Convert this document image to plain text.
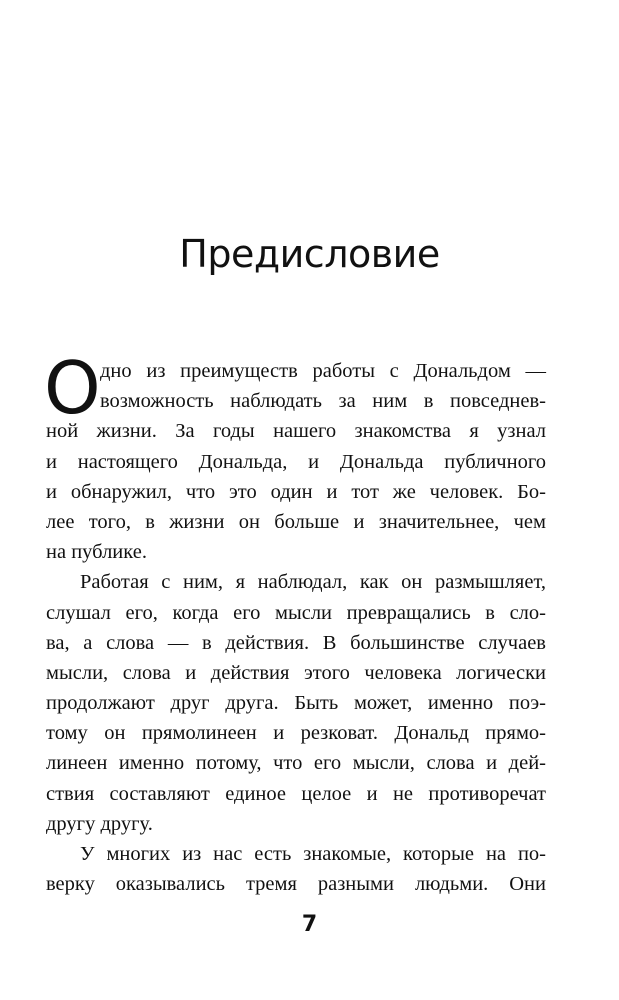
Предисловие
О дно из преимуществ работы с Дональдом —
возможность наблюдать за ним в повседнев-
ной жизни. За годы нашего знакомства я узнал
и настоящего Дональда, и Дональда публичного
и обнаружил, что это один и тот же человек. Бо-
лее того, в жизни он больше и значительнее, чем
на публике.
Работая с ним, я наблюдал, как он размышляет,
слушал его, когда его мысли превращались в сло-
ва, а слова — в действия. В большинстве случаев
мысли, слова и действия этого человека логически
продолжают друг друга. Быть может, именно поэ-
тому он прямолинеен и резковат. Дональд прямо-
линеен именно потому, что его мысли, слова и дей-
ствия составляют единое целое и не противоречат
другу другу.
У многих из нас есть знакомые, которые на по-
верку оказывались тремя разными людьми. Они
7
